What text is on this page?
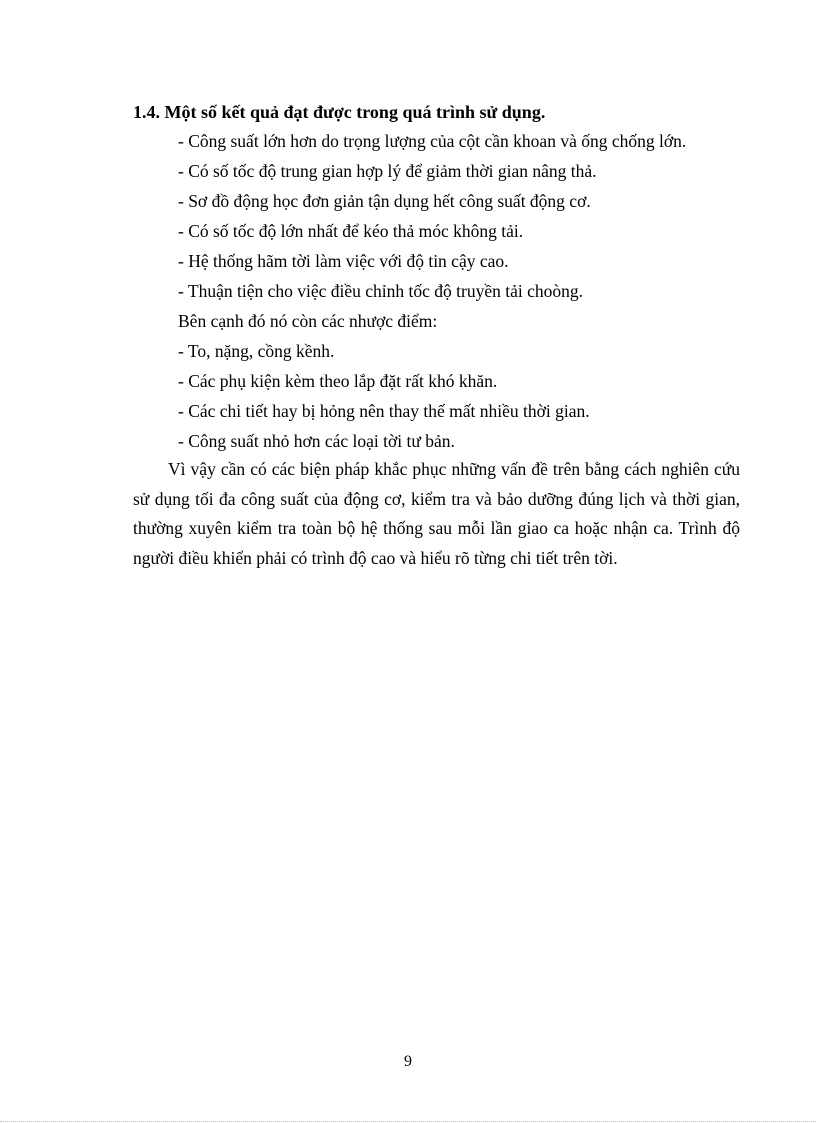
1.4. Một số kết quả đạt được trong quá trình sử dụng.
- Công suất lớn hơn do trọng lượng của cột cần khoan và ống chống lớn.
- Có số tốc độ trung gian hợp lý để giảm thời gian nâng thả.
- Sơ đồ động học đơn giản tận dụng hết công suất động cơ.
- Có số tốc độ lớn nhất để kéo thả móc không tải.
- Hệ thống hãm tời làm việc với độ tin cậy cao.
- Thuận tiện cho việc điều chỉnh tốc độ truyền tải choòng.
Bên cạnh đó nó còn các nhược điểm:
- To, nặng, cồng kềnh.
- Các phụ kiện kèm theo lắp đặt rất khó khăn.
- Các chi tiết hay bị hỏng nên thay thế mất nhiều thời gian.
- Công suất nhỏ hơn các loại tời tư bản.
Vì vậy cần có các biện pháp khắc phục những vấn đề trên bằng cách nghiên cứu sử dụng tối đa công suất của động cơ, kiểm tra và bảo dưỡng đúng lịch và thời gian, thường xuyên kiểm tra toàn bộ hệ thống sau mỗi lần giao ca hoặc nhận ca. Trình độ người điều khiển phải có trình độ cao và hiểu rõ từng chi tiết trên tời.
9
